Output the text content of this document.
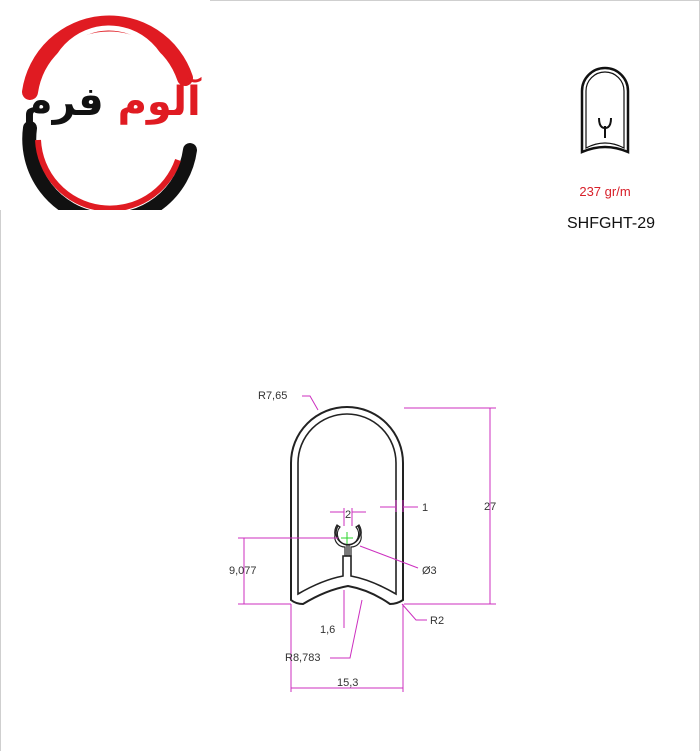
آلوم فرم
237 gr/m
SHFGHT-29
R7,65
27
2
1
9,077	Ø3
R2
1,6
R8,783
15,3
